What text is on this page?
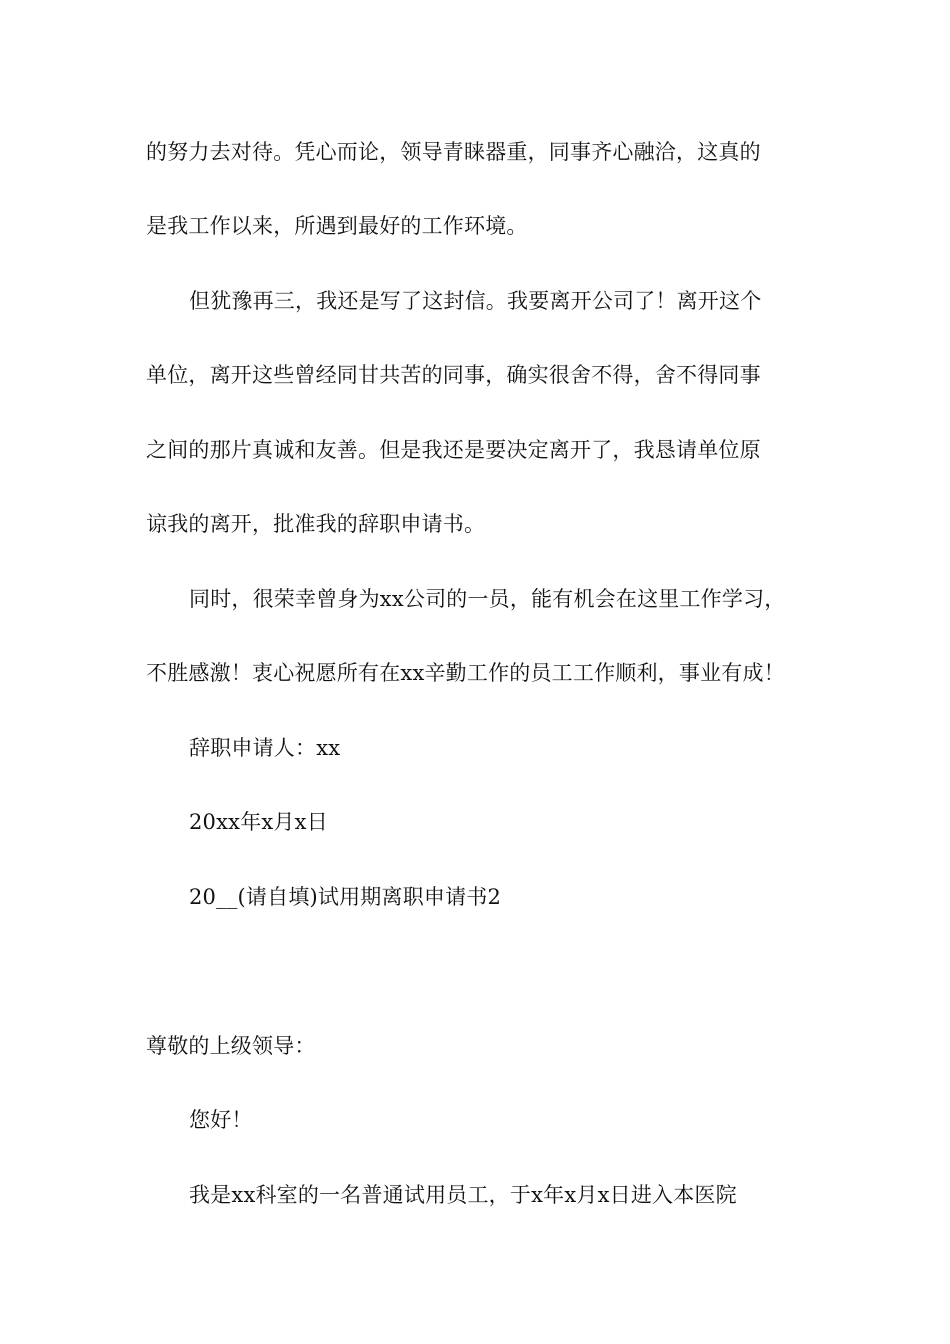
的努力去对待。凭心而论，领导青睐器重，同事齐心融洽，这真的
是我工作以来，所遇到最好的工作环境。
但犹豫再三，我还是写了这封信。我要离开公司了！离开这个
单位，离开这些曾经同甘共苦的同事，确实很舍不得，舍不得同事
之间的那片真诚和友善。但是我还是要决定离开了，我恳请单位原
谅我的离开，批准我的辞职申请书。
同时，很荣幸曾身为xx公司的一员，能有机会在这里工作学习，
不胜感激！衷心祝愿所有在xx辛勤工作的员工工作顺利，事业有成！
辞职申请人：xx
20xx年x月x日
20__(请自填)试用期离职申请书2
尊敬的上级领导：
您好！
我是xx科室的一名普通试用员工，于x年x月x日进入本医院
